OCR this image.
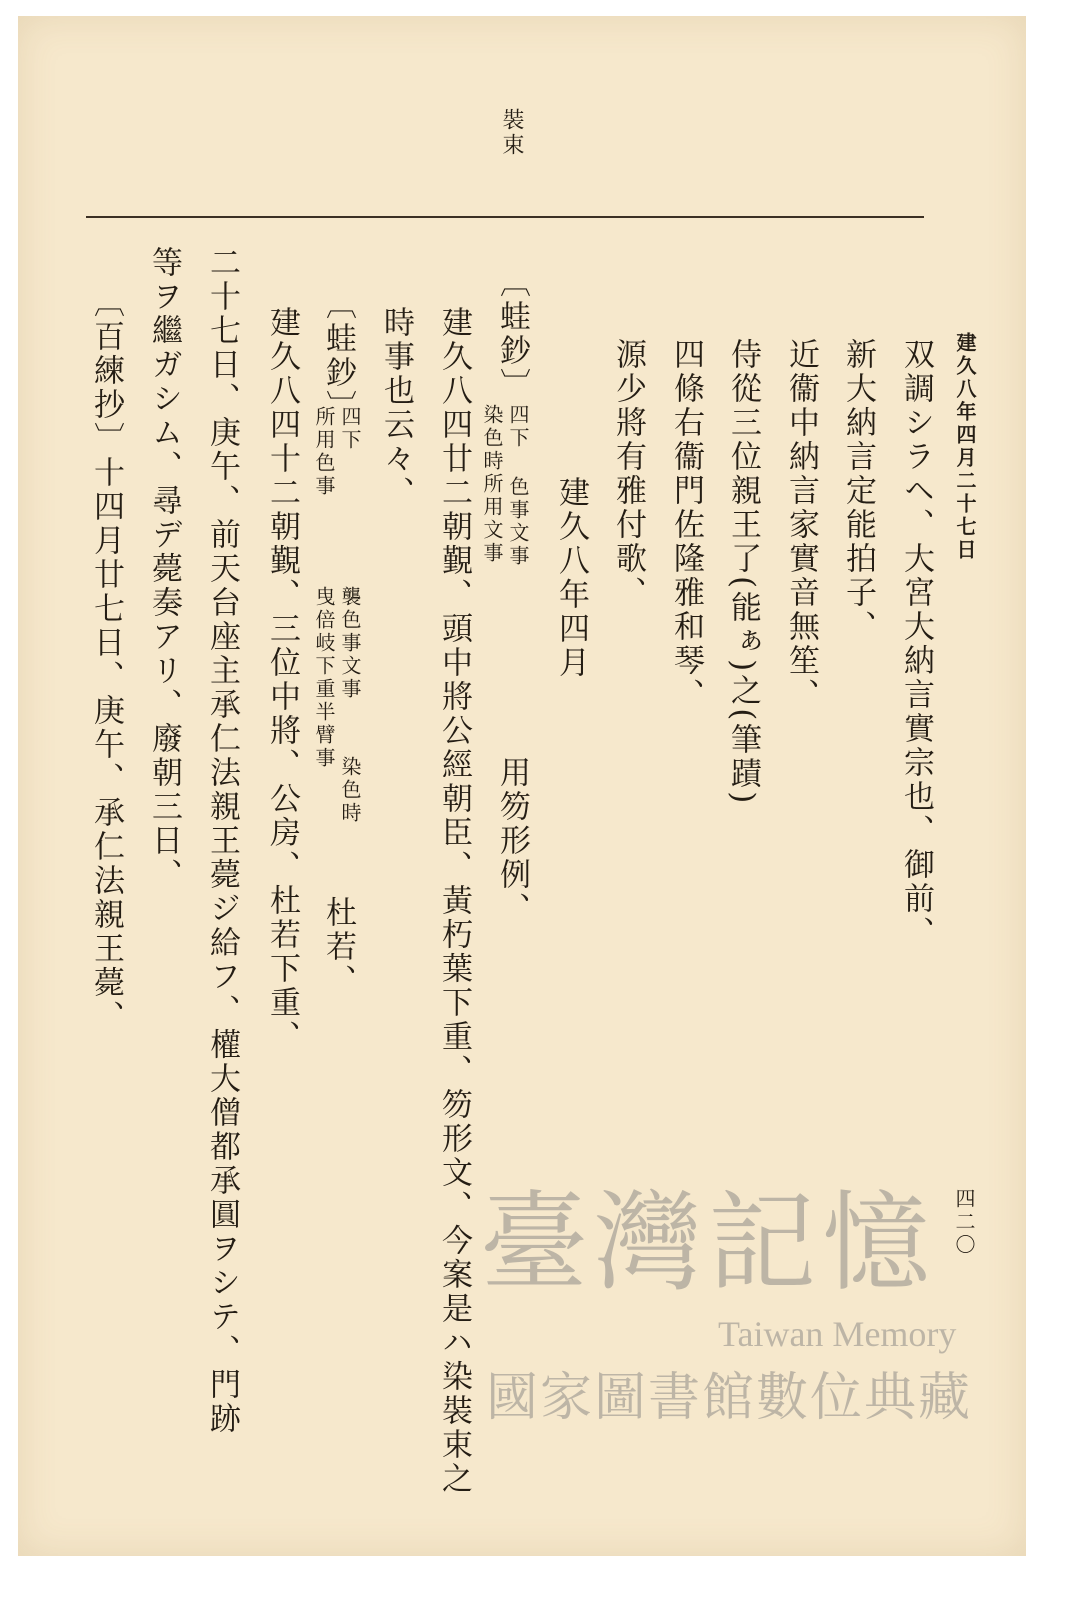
裝束

建久八年四月二十七日

双調シラヘ、大宮大納言實宗也、御前、

新大納言定能拍子、

近衞中納言家實音無笙、

侍從三位親王了(能ぁ)之(筆蹟)

四條右衞門佐隆雅和琴、

源少將有雅付歌、

建久八年四月

〔蛙鈔〕

四下

染色時所用文事 色事文事

用笏形例、

建久八四廿二朝覲、頭中將公經朝臣、黃朽葉下重、笏形文、今案是ハ染裝束之

時事也云々、

〔蛙鈔〕

四下

所用色事

襲色事文事

染色時

曳倍岐下重半臂事

杜若、

建久八四十二朝覲、三位中將、公房、杜若下重、

二十七日、庚午、前天台座主承仁法親王薨ジ給フ、權大僧都承圓ヲシテ、門跡

等ヲ繼ガシム、尋デ薨奏アリ、廢朝三日、

〔百練抄〕十四月廿七日、庚午、承仁法親王薨、

四二〇

臺灣記憶
Taiwan Memory
國家圖書館數位典藏
